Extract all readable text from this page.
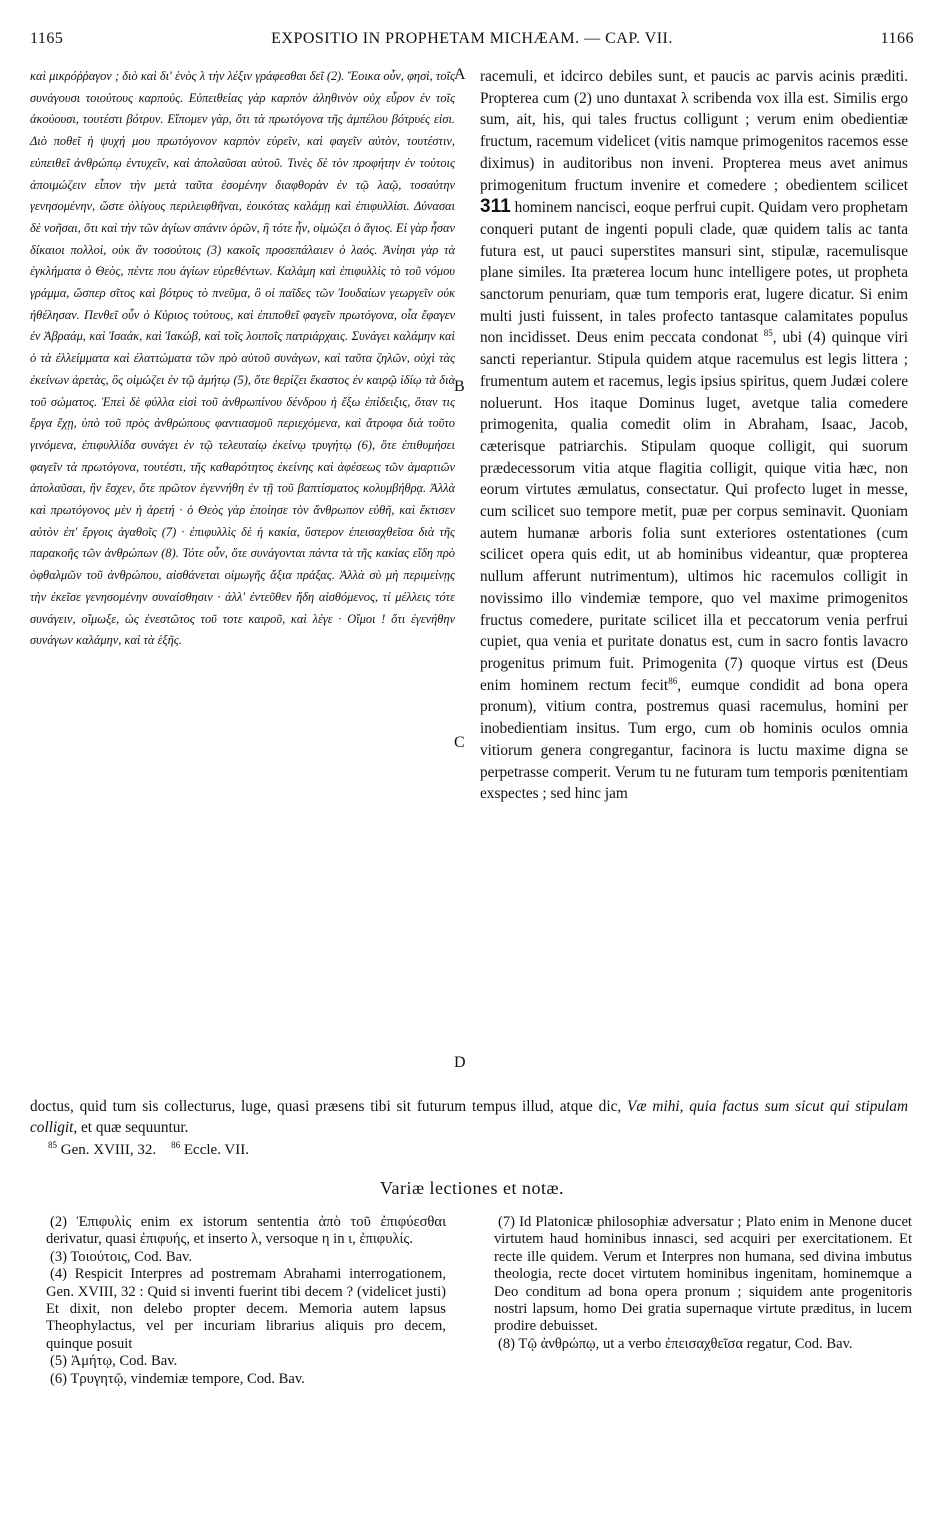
1165	EXPOSITIO IN PROPHETAM MICHÆAM. — CAP. VII.	1166

καὶ μικρόῤῥαγον ; διὸ καὶ δι' ἑνὸς λ τὴν λέξιν γράφεσθαι δεῖ (2). Ἔοικα οὖν, φησὶ, τοῖς συνάγουσι τοιούτους καρπούς. Εὐπειθείας γὰρ καρπὸν ἀληθινὸν οὐχ εὗρον ἐν τοῖς ἀκούουσι, τουτέστι βότρυν. Εἴπομεν γὰρ, ὅτι τὰ πρωτόγονα τῆς ἀμπέλου βότρυές εἰσι. Διὸ ποθεῖ ἡ ψυχή μου πρωτόγονον καρπὸν εὑρεῖν, καὶ φαγεῖν αὐτὸν, τουτέστιν, εὐπειθεῖ ἀνθρώπῳ ἐντυχεῖν, καὶ ἀπολαῦσαι αὐτοῦ. Τινὲς δὲ τὸν προφήτην ἐν τούτοις ἀποιμώζειν εἶπον τὴν μετὰ ταῦτα ἐσομένην διαφθορὰν ἐν τῷ λαῷ, τοσαύτην γενησομένην, ὥστε ὀλίγους περιλειφθῆναι, ἐοικότας καλάμῃ καὶ ἐπιφυλλίσι. Δύνασαι δὲ νοῆσαι, ὅτι καὶ τὴν τῶν ἁγίων σπάνιν ὁρῶν, ἣ τότε ἦν, οἰμώζει ὁ ἅγιος. Εἰ γὰρ ἦσαν δίκαιοι πολλοὶ, οὐκ ἂν τοσούτοις (3) κακοῖς προσεπάλαιεν ὁ λαός. Ἀνίησι γὰρ τὰ ἐγκλήματα ὁ Θεὸς, πέντε που ἁγίων εὑρεθέντων. Καλάμη καὶ ἐπιφυλλὶς τὸ τοῦ νόμου γράμμα, ὥσπερ σῖτος καὶ βότρυς τὸ πνεῦμα, ὃ οἱ παῖδες τῶν Ἰουδαίων γεωργεῖν οὐκ ἠθέλησαν. Πενθεῖ οὖν ὁ Κύριος τούτους, καὶ ἐπιποθεῖ φαγεῖν πρωτόγονα, οἷα ἔφαγεν ἐν Ἀβραάμ, καὶ Ἰσαάκ, καὶ Ἰακώβ, καὶ τοῖς λοιποῖς πατριάρχαις. Συνάγει καλάμην καὶ ὁ τὰ ἐλλείμματα καὶ ἐλαττώματα τῶν πρὸ αὐτοῦ συνάγων, καὶ ταῦτα ζηλῶν, οὐχὶ τὰς ἐκείνων ἀρετὰς, ὃς οἰμώζει ἐν τῷ ἀμήτῳ (5), ὅτε θερίζει ἕκαστος ἐν καιρῷ ἰδίῳ τὰ διὰ τοῦ σώματος. Ἐπεὶ δὲ φύλλα εἰσὶ τοῦ ἀνθρωπίνου δένδρου ἡ ἔξω ἐπίδειξις, ὅταν τις ἔργα ἔχῃ, ὑπὸ τοῦ πρὸς ἀνθρώπους φαντιασμοῦ περιεχόμενα, καὶ ἄτροφα διὰ τοῦτο γινόμενα, ἐπιφυλλίδα συνάγει ἐν τῷ τελευταίῳ ἐκείνῳ τρυγήτῳ (6), ὅτε ἐπιθυμήσει φαγεῖν τὰ πρωτόγονα, τουτέστι, τῆς καθαρότητος ἐκείνης καὶ ἀφέσεως τῶν ἁμαρτιῶν ἀπολαῦσαι, ἣν ἔσχεν, ὅτε πρῶτον ἐγεννήθη ἐν τῇ τοῦ βαπτίσματος κολυμβήθρᾳ. Ἀλλὰ καὶ πρωτόγονος μὲν ἡ ἀρετή · ὁ Θεὸς γὰρ ἐποίησε τὸν ἄνθρωπον εὐθῆ, καὶ ἔκτισεν αὐτὸν ἐπ' ἔργοις ἀγαθοῖς (7) · ἐπιφυλλὶς δὲ ἡ κακία, ὕστερον ἐπεισαχθεῖσα διὰ τῆς παρακοῆς τῶν ἀνθρώπων (8). Τότε οὖν, ὅτε συνάγονται πάντα τὰ τῆς κακίας εἴδη πρὸ ὀφθαλμῶν τοῦ ἀνθρώπου, αἰσθάνεται οἰμωγῆς ἄξια πράξας. Ἀλλὰ σὺ μὴ περιμείνῃς τὴν ἐκεῖσε γενησομένην συναίσθησιν · ἀλλ' ἐντεῦθεν ἤδη αἰσθόμενος, τί μέλλεις τότε συνάγειν, οἴμωξε, ὡς ἐνεστῶτος τοῦ τοτε καιροῦ, καὶ λέγε · Οἴμοι ! ὅτι ἐγενήθην συνάγων καλάμην, καὶ τὰ ἑξῆς.

A
B
C
D

racemuli, et idcirco debiles sunt, et paucis ac parvis acinis præditi. Propterea cum (2) uno duntaxat λ scribenda vox illa est. Similis ergo sum, ait, his, qui tales fructus colligunt ; verum enim obedientiæ fructum, racemum videlicet (vitis namque primogenitos racemos esse diximus) in auditoribus non inveni. Propterea meus avet animus primogenitum fructum invenire et comedere ; obedientem scilicet 311 hominem nancisci, eoque perfrui cupit. Quidam vero prophetam conqueri putant de ingenti populi clade, quæ quidem talis ac tanta futura est, ut pauci superstites mansuri sint, stipulæ, racemulisque plane similes. Ita præterea locum hunc intelligere potes, ut propheta sanctorum penuriam, quæ tum temporis erat, lugere dicatur. Si enim multi justi fuissent, in tales profecto tantasque calamitates populus non incidisset. Deus enim peccata condonat $^{85}$, ubi (4) quinque viri sancti reperiantur. Stipula quidem atque racemulus est legis littera ; frumentum autem et racemus, legis ipsius spiritus, quem Judæi colere noluerunt. Hos itaque Dominus luget, avetque talia comedere primogenita, qualia comedit olim in Abraham, Isaac, Jacob, cæterisque patriarchis. Stipulam quoque colligit, qui suorum prædecessorum vitia atque flagitia colligit, quique vitia hæc, non eorum virtutes æmulatus, consectatur. Qui profecto luget in messe, cum scilicet suo tempore metit, puæ per corpus seminavit. Quoniam autem humanæ arboris folia sunt exteriores ostentationes (cum scilicet opera quis edit, ut ab hominibus videantur, quæ propterea nullum afferunt nutrimentum), ultimos hic racemulos colligit in novissimo illo vindemiæ tempore, quo vel maxime primogenitos fructus comedere, puritate scilicet illa et peccatorum venia perfrui cupiet, qua venia et puritate donatus est, cum in sacro fontis lavacro progenitus primum fuit. Primogenita (7) quoque virtus est (Deus enim hominem rectum fecit$^{86}$, eumque condidit ad bona opera pronum), vitium contra, postremus quasi racemulus, homini per inobedientiam insitus. Tum ergo, cum ob hominis oculos omnia vitiorum genera congregantur, facinora is luctu maxime digna se perpetrasse comperit. Verum tu ne futuram tum temporis pœnitentiam exspectes ; sed hinc jam

doctus, quid tum sis collecturus, luge, quasi præsens tibi sit futurum tempus illud, atque dic, Væ mihi, quia factus sum sicut qui stipulam colligit, et quæ sequuntur.

$^{85}$ Gen. XVIII, 32. $^{86}$ Eccle. VII.
Variæ lectiones et notæ.

(2) Ἐπιφυλὶς enim ex istorum sententia ἀπὸ τοῦ ἐπιφύεσθαι derivatur, quasi ἐπιφυής, et inserto λ, versoque η in ι, ἐπιφυλίς.

(3) Τοιούτοις, Cod. Bav.

(4) Respicit Interpres ad postremam Abrahami interrogationem, Gen. XVIII, 32 : Quid si inventi fuerint tibi decem ? (videlicet justi) Et dixit, non delebo propter decem. Memoria autem lapsus Theophylactus, vel per incuriam librarius aliquis pro decem, quinque posuit

(5) Ἀμήτῳ, Cod. Bav.

(6) Τρυγητῷ, vindemiæ tempore, Cod. Bav.

(7) Id Platonicæ philosophiæ adversatur ; Plato enim in Menone ducet virtutem haud hominibus innasci, sed acquiri per exercitationem. Et recte ille quidem. Verum et Interpres non humana, sed divina imbutus theologia, recte docet virtutem hominibus ingenitam, hominemque a Deo conditum ad bona opera pronum ; siquidem ante progenitoris nostri lapsum, homo Dei gratia supernaque virtute præditus, in lucem prodire debuisset.

(8) Τῷ ἀνθρώπῳ, ut a verbo ἐπεισαχθεῖσα regatur, Cod. Bav.
